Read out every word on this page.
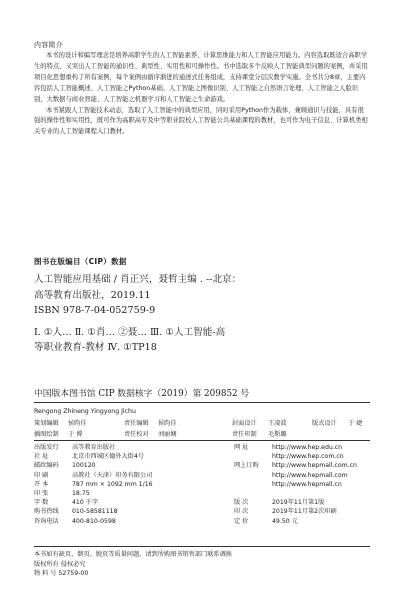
内容简介

本书的设计和编写理念是培养高职学生的人工智能素养、计算思维能力和人工智能应用能力。内容选取既适合高职学生的特点，又突出人工智能的通识性、典型性、实用性和可操作性。书中选取多个反映人工智能典型问题的案例，并采用项目化思想重构了所有案例，每个案例由循序渐进的通述式任务组成，支持课堂分层次教学实施。全书共分8章，主要内容包括人工智能概述、人工智能之Python基础、人工智能之图像识别、人工智能之自然语言处理、人工智能之人脸识别、大数据与商业智能、人工智能之机器学习和人工智能之生命游戏。

本书紧跟人工智能技术动态，选取了人工智能中的典型应用，同时采用Python作为载体，兼顾通识与技能，具有很强的操作性和实用性，既可作为高职高专及中等职业院校人工智能公共基础课程的教材，也可作为电子信息、计算机类相关专业的人工智能课程入门教材。

图书在版编目（CIP）数据
人工智能应用基础 / 肖正兴，聂哲主编 . --北京：
高等教育出版社，2019.11
ISBN 978-7-04-052759-9
Ⅰ. ①人… Ⅱ. ①肖… ②聂… Ⅲ. ①人工智能-高
等职业教育-教材 Ⅳ. ①TP18
中国版本图书馆 CIP 数据核字（2019）第 209852 号
Rengong Zhineng Yingyong Jichu
策划编辑 侯昀佳	责任编辑 侯昀佳	封面设计 王凌波	版式设计 于 婕
插图绘制 于 博	责任校对 刘丽娴	责任印制 毛斯璐
出版发行 高等教育出版社	网 址	http://www.hep.edu.cn
社 址	北京市西城区德外大街4号	http://www.hep.com.cn
邮政编码 100120	网上订购 http://www.hepmall.com.cn
印 刷	高教社（天津）印务有限公司	http://www.hepmall.com
开 本	787 mm × 1092 mm 1/16	http://www.hepmall.cn
印 张	18.75
字 数	410 千字	版 次	2019年11月第1版
购书热线 010-58581118	印 次	2019年11月第2次印刷
咨询电话 400-810-0598	定 价	49.50 元
本书如有缺页、倒页、脱页等质量问题，请到所购图书销售部门联系调换
版权所有 侵权必究
物 料 号 52759-00
